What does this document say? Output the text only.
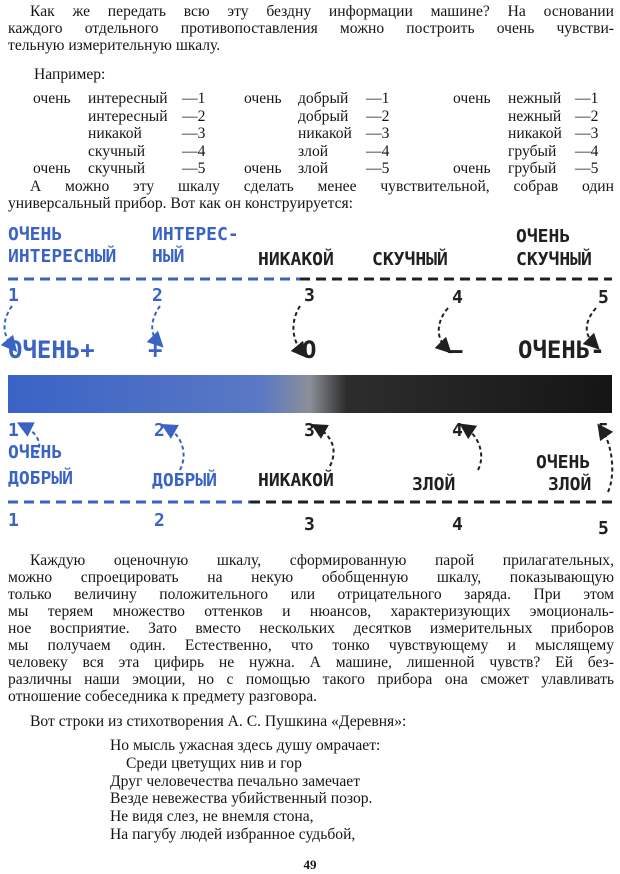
Как же передать всю эту бездну информации машине? На основании
каждого отдельного противопоставления можно построить очень чувстви-
тельную измерительную шкалу.
Например:
очень интересный —1
интересный —2
никакой	—3
скучный —4
очень скучный —5
очень добрый —1
добрый —2
никакой —3
злой —4
очень злой —5
очень нежный —1
нежный —2
никакой —3
грубый —4
очень грубый —5
А можно эту шкалу сделать менее чувствительной, собрав один
универсальный прибор. Вот как он конструируется:
ОЧЕНЬ
ИНТЕРЕСНЫЙ
ИНТЕРЕС-
НЫЙ	НИКАКОЙ СКУЧНЫЙ
ОЧЕНЬ
СКУЧНЫЙ
1	2	3	4	5
ОЧЕНЬ+ +	О	— ОЧЕНЬ-
1	2	3	4	5
ОЧЕНЬ
ДОБРЫЙ	ДОБРЫЙ НИКАКОЙ	ЗЛОЙ
ОЧЕНЬ
ЗЛОЙ
1	2	3	4	5
Каждую оценочную шкалу, сформированную парой прилагательных,
можно спроецировать на некую обобщенную шкалу, показывающую
только величину положительного или отрицательного заряда. При этом
мы теряем множество оттенков и нюансов, характеризующих эмоциональ-
ное восприятие. Зато вместо нескольких десятков измерительных приборов
мы получаем один. Естественно, что тонко чувствующему и мыслящему
человеку вся эта цифирь не нужна. А машине, лишенной чувств? Ей без-
различны наши эмоции, но с помощью такого прибора она сможет улавливать
отношение собеседника к предмету разговора.
Вот строки из стихотворения А. С. Пушкина «Деревня»:
Но мысль ужасная здесь душу омрачает:
Среди цветущих нив и гор
Друг человечества печально замечает
Везде невежества убийственный позор.
Не видя слез, не внемля стона,
На пагубу людей избранное судьбой,
49
